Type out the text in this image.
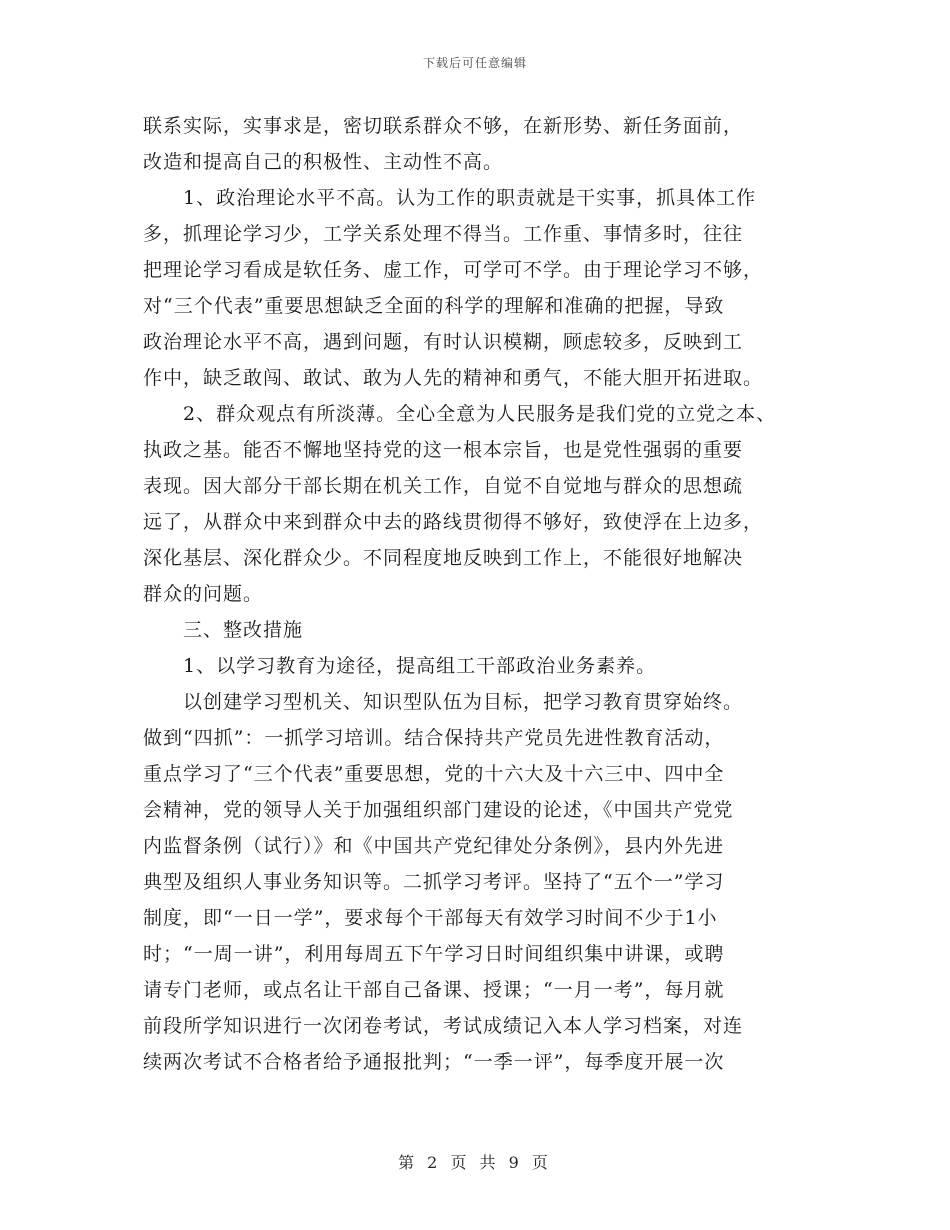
下载后可任意编辑
联系实际，实事求是，密切联系群众不够，在新形势、新任务面前，
改造和提高自己的积极性、主动性不高。
　　1、政治理论水平不高。认为工作的职责就是干实事，抓具体工作
多，抓理论学习少，工学关系处理不得当。工作重、事情多时，往往
把理论学习看成是软任务、虚工作，可学可不学。由于理论学习不够，
对“三个代表”重要思想缺乏全面的科学的理解和准确的把握，导致
政治理论水平不高，遇到问题，有时认识模糊，顾虑较多，反映到工
作中，缺乏敢闯、敢试、敢为人先的精神和勇气，不能大胆开拓进取。
　　2、群众观点有所淡薄。全心全意为人民服务是我们党的立党之本、
执政之基。能否不懈地坚持党的这一根本宗旨，也是党性强弱的重要
表现。因大部分干部长期在机关工作，自觉不自觉地与群众的思想疏
远了，从群众中来到群众中去的路线贯彻得不够好，致使浮在上边多，
深化基层、深化群众少。不同程度地反映到工作上，不能很好地解决
群众的问题。
　　三、整改措施
　　1、以学习教育为途径，提高组工干部政治业务素养。
　　以创建学习型机关、知识型队伍为目标，把学习教育贯穿始终。
做到“四抓”：一抓学习培训。结合保持共产党员先进性教育活动，
重点学习了“三个代表”重要思想，党的十六大及十六三中、四中全
会精神，党的领导人关于加强组织部门建设的论述，《中国共产党党
内监督条例（试行）》和《中国共产党纪律处分条例》，县内外先进
典型及组织人事业务知识等。二抓学习考评。坚持了“五个一”学习
制度，即“一日一学”，要求每个干部每天有效学习时间不少于1小
时；“一周一讲”，利用每周五下午学习日时间组织集中讲课，或聘
请专门老师，或点名让干部自己备课、授课；“一月一考”，每月就
前段所学知识进行一次闭卷考试，考试成绩记入本人学习档案，对连
续两次考试不合格者给予通报批判；“一季一评”，每季度开展一次
第 2 页 共 9 页
